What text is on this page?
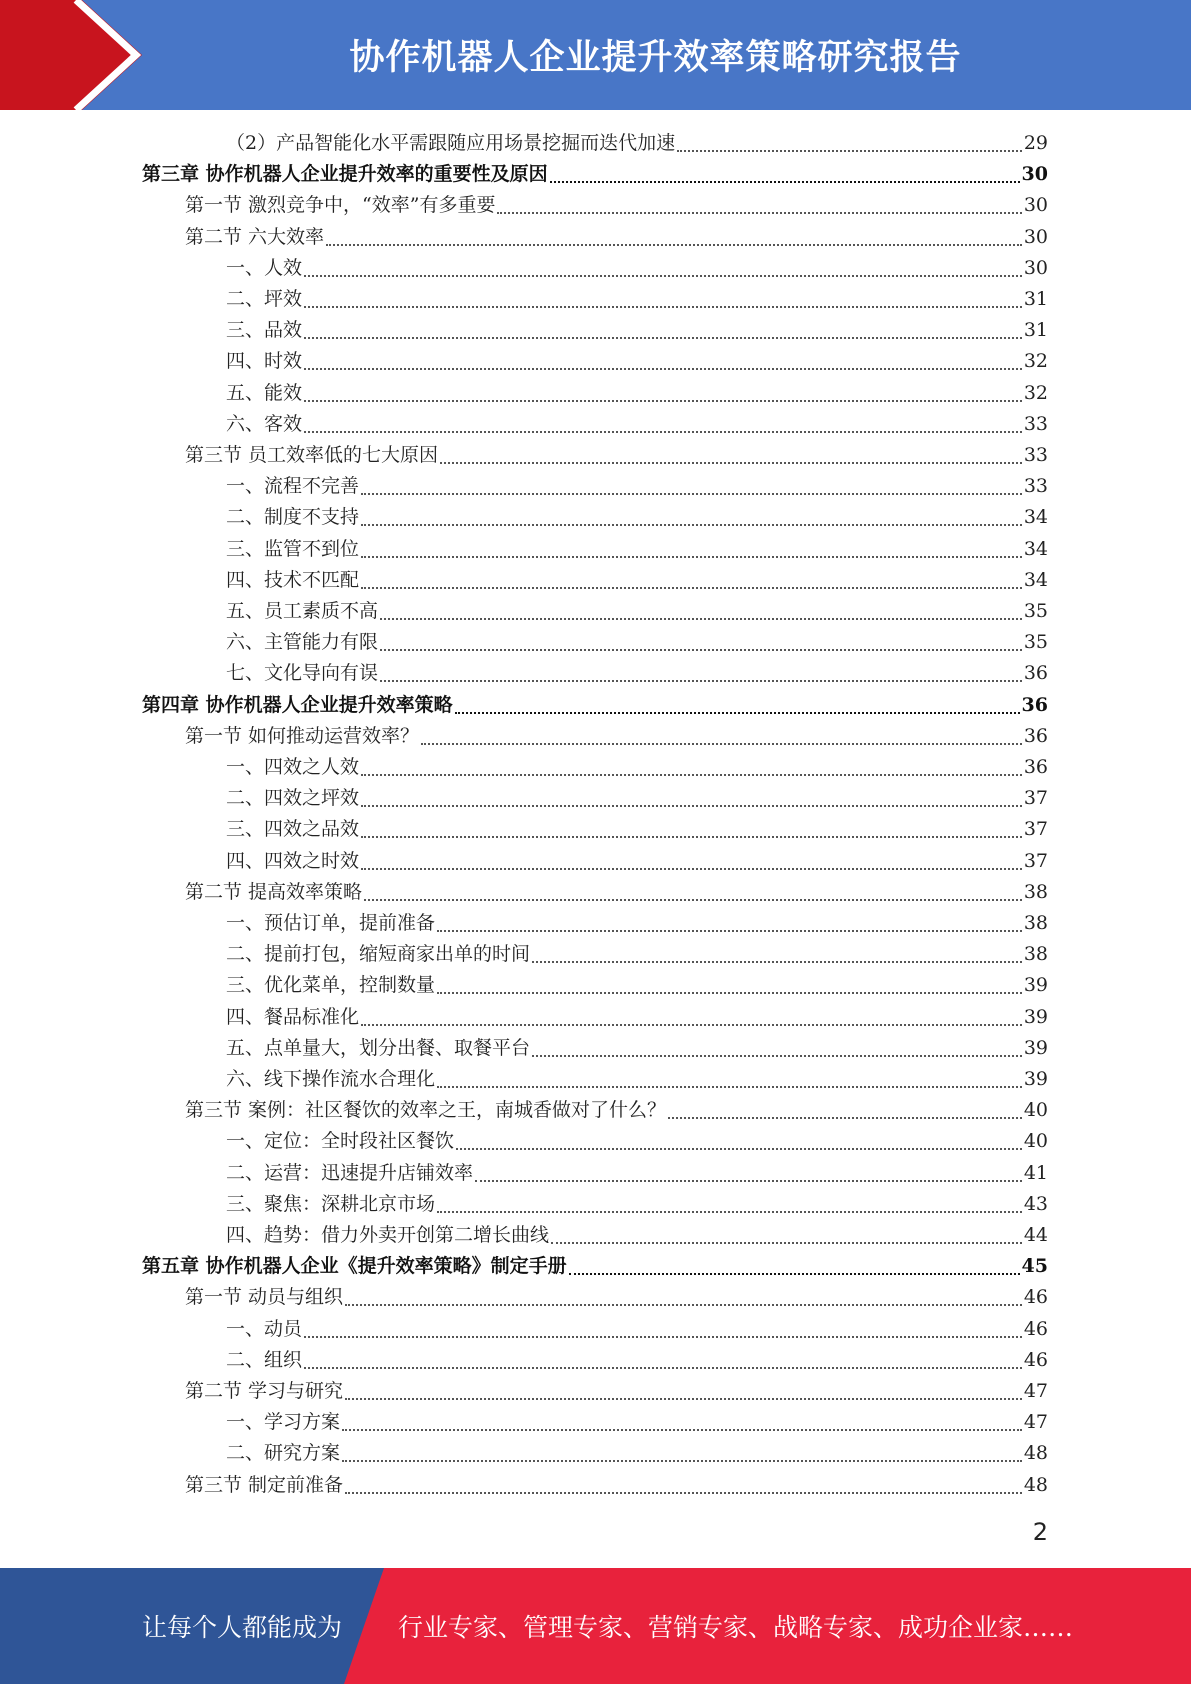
协作机器人企业提升效率策略研究报告
（2）产品智能化水平需跟随应用场景挖掘而迭代加速	29
第三章 协作机器人企业提升效率的重要性及原因	30
第一节 激烈竞争中，“效率”有多重要	30
第二节 六大效率	30
一、人效	30
二、坪效	31
三、品效	31
四、时效	32
五、能效	32
六、客效	33
第三节 员工效率低的七大原因	33
一、流程不完善	33
二、制度不支持	34
三、监管不到位	34
四、技术不匹配	34
五、员工素质不高	35
六、主管能力有限	35
七、文化导向有误	36
第四章 协作机器人企业提升效率策略	36
第一节 如何推动运营效率？	36
一、四效之人效	36
二、四效之坪效	37
三、四效之品效	37
四、四效之时效	37
第二节 提高效率策略	38
一、预估订单，提前准备	38
二、提前打包，缩短商家出单的时间	38
三、优化菜单，控制数量	39
四、餐品标准化	39
五、点单量大，划分出餐、取餐平台	39
六、线下操作流水合理化	39
第三节 案例：社区餐饮的效率之王，南城香做对了什么？	40
一、定位：全时段社区餐饮	40
二、运营：迅速提升店铺效率	41
三、聚焦：深耕北京市场	43
四、趋势：借力外卖开创第二增长曲线	44
第五章 协作机器人企业《提升效率策略》制定手册	45
第一节 动员与组织	46
一、动员	46
二、组织	46
第二节 学习与研究	47
一、学习方案	47
二、研究方案	48
第三节 制定前准备	48
2
让每个人都能成为 行业专家、管理专家、营销专家、战略专家、成功企业家……
